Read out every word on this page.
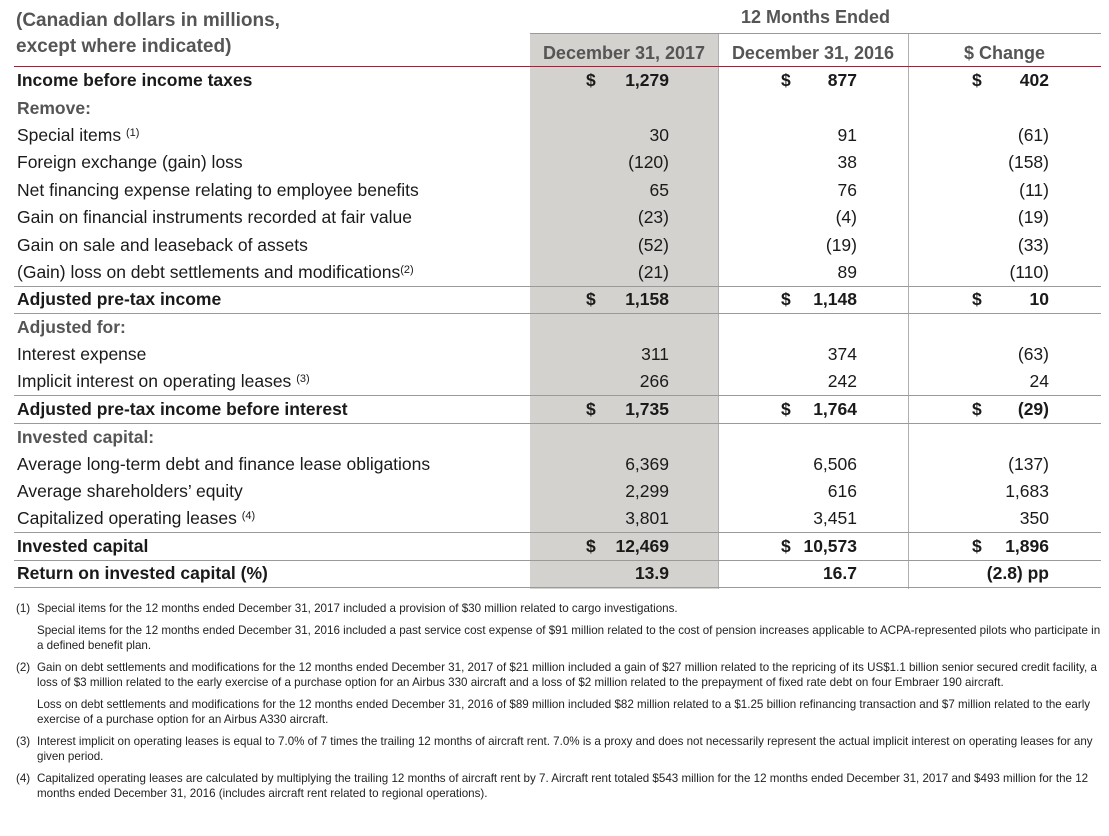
(Canadian dollars in millions,
except where indicated)
12 Months Ended
December 31, 2017	December 31, 2016	$ Change
Income before income taxes	$ 1,279	$ 877	$ 402
Remove:			
Special items $^{(1)}$	30	91	(61)
Foreign exchange (gain) loss	(120)	38	(158)
Net financing expense relating to employee benefits	65	76	(11)
Gain on financial instruments recorded at fair value	(23)	(4)	(19)
Gain on sale and leaseback of assets	(52)	(19)	(33)
(Gain) loss on debt settlements and modifications$^{(2)}$	(21)	89	(110)
Adjusted pre-tax income	$ 1,158	$ 1,148	$ 10
Adjusted for:			
Interest expense	311	374	(63)
Implicit interest on operating leases $^{(3)}$	266	242	24
Adjusted pre-tax income before interest	$ 1,735	$ 1,764	$ (29)
Invested capital:			
Average long-term debt and finance lease obligations	6,369	6,506	(137)
Average shareholders’ equity	2,299	616	1,683
Capitalized operating leases $^{(4)}$	3,801	3,451	350
Invested capital	$ 12,469	$ 10,573	$ 1,896
Return on invested capital (%)	13.9	16.7	(2.8) pp
(1) Special items for the 12 months ended December 31, 2017 included a provision of $30 million related to cargo investigations.
Special items for the 12 months ended December 31, 2016 included a past service cost expense of $91 million related to the cost of pension increases applicable to ACPA-represented pilots who participate in a defined benefit plan.
(2) Gain on debt settlements and modifications for the 12 months ended December 31, 2017 of $21 million included a gain of $27 million related to the repricing of its US$1.1 billion senior secured credit facility, a loss of $3 million related to the early exercise of a purchase option for an Airbus 330 aircraft and a loss of $2 million related to the prepayment of fixed rate debt on four Embraer 190 aircraft.
Loss on debt settlements and modifications for the 12 months ended December 31, 2016 of $89 million included $82 million related to a $1.25 billion refinancing transaction and $7 million related to the early exercise of a purchase option for an Airbus A330 aircraft.
(3) Interest implicit on operating leases is equal to 7.0% of 7 times the trailing 12 months of aircraft rent. 7.0% is a proxy and does not necessarily represent the actual implicit interest on operating leases for any given period.
(4) Capitalized operating leases are calculated by multiplying the trailing 12 months of aircraft rent by 7. Aircraft rent totaled $543 million for the 12 months ended December 31, 2017 and $493 million for the 12 months ended December 31, 2016 (includes aircraft rent related to regional operations).
